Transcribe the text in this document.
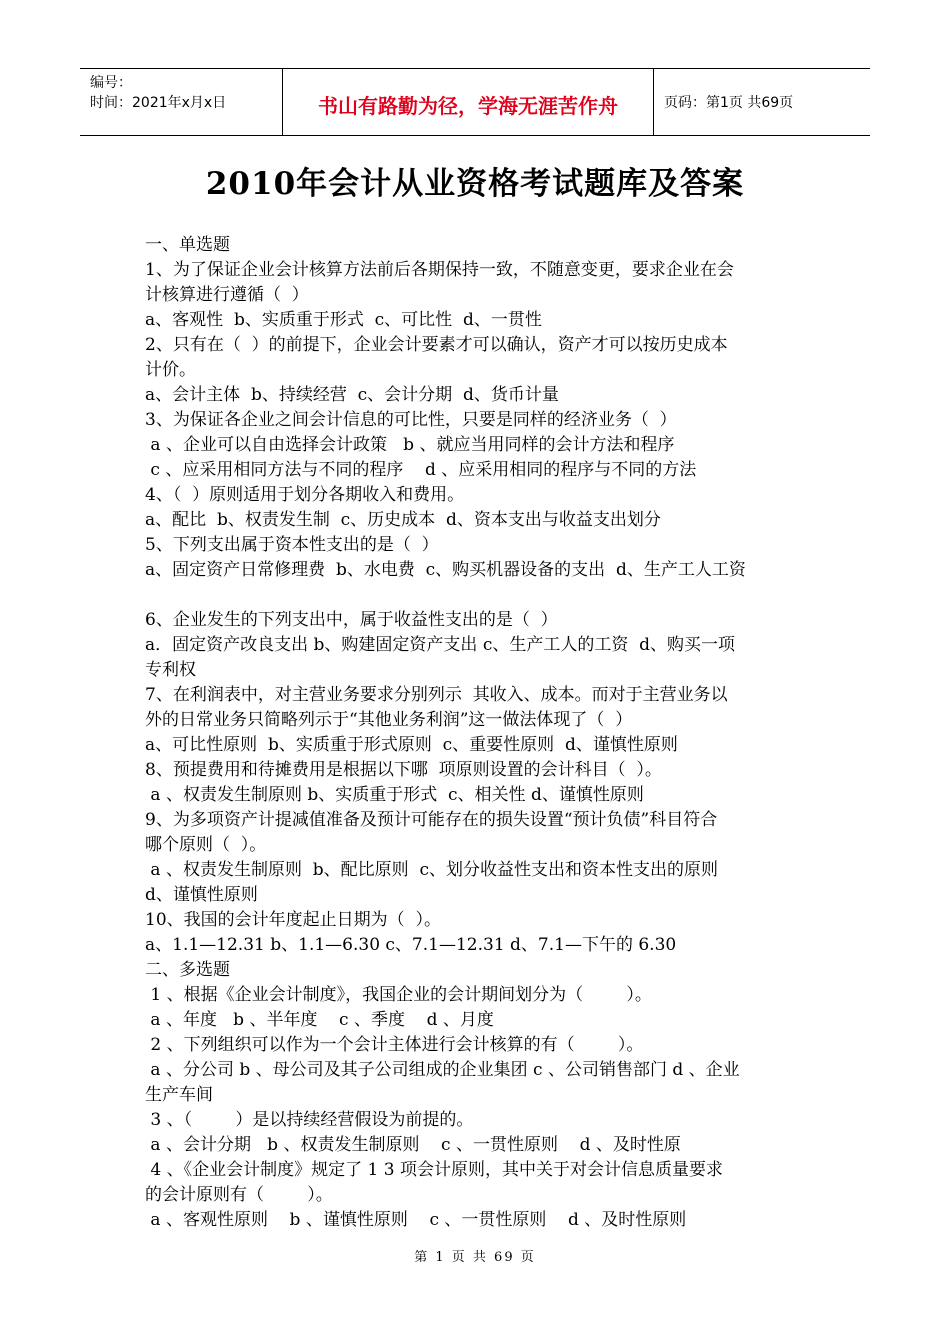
编号：
时间：2021年x月x日	书山有路勤为径，学海无涯苦作舟	页码：第1页 共69页
2010年会计从业资格考试题库及答案

一、单选题

1、为了保证企业会计核算方法前后各期保持一致，不随意变更，要求企业在会

计核算进行遵循（  ）

a、客观性  b、实质重于形式  c、可比性  d、一贯性

2、只有在（  ）的前提下，企业会计要素才可以确认，资产才可以按历史成本

计价。

a、会计主体  b、持续经营  c、会计分期  d、货币计量

3、为保证各企业之间会计信息的可比性，只要是同样的经济业务（  ）

a 、企业可以自由选择会计政策   b 、就应当用同样的会计方法和程序

c 、应采用相同方法与不同的程序    d 、应采用相同的程序与不同的方法

4、（  ）原则适用于划分各期收入和费用。

a、配比  b、权责发生制  c、历史成本  d、资本支出与收益支出划分

5、下列支出属于资本性支出的是（  ）

a、固定资产日常修理费  b、水电费  c、购买机器设备的支出  d、生产工人工资

6、企业发生的下列支出中，属于收益性支出的是（  ）

a．固定资产改良支出 b、购建固定资产支出 c、生产工人的工资  d、购买一项

专利权

7、在利润表中，对主营业务要求分别列示  其收入、成本。而对于主营业务以

外的日常业务只简略列示于“其他业务利润”这一做法体现了（  ）

a、可比性原则  b、实质重于形式原则  c、重要性原则  d、谨慎性原则

8、预提费用和待摊费用是根据以下哪  项原则设置的会计科目（  ）。

a 、权责发生制原则 b、实质重于形式  c、相关性 d、谨慎性原则

9、为多项资产计提减值准备及预计可能存在的损失设置“预计负债”科目符合

哪个原则（  ）。

a 、权责发生制原则  b、配比原则  c、划分收益性支出和资本性支出的原则

d、谨慎性原则

10、我国的会计年度起止日期为（  ）。

a、1.1—12.31 b、1.1—6.30 c、7.1—12.31 d、7.1—下午的 6.30

二、多选题

1 、根据《企业会计制度》，我国企业的会计期间划分为（        ）。

a 、年度   b 、半年度    c 、季度    d 、月度

2 、下列组织可以作为一个会计主体进行会计核算的有（        ）。

a 、分公司 b 、母公司及其子公司组成的企业集团 c 、公司销售部门 d 、企业

生产车间

3 、（        ）是以持续经营假设为前提的。

a 、会计分期   b 、权责发生制原则    c 、一贯性原则    d 、及时性原

4 、《企业会计制度》规定了 1 3 项会计原则，其中关于对会计信息质量要求

的会计原则有（        ）。

a 、客观性原则    b 、谨慎性原则    c 、一贯性原则    d 、及时性原则

第 1 页 共 69 页
